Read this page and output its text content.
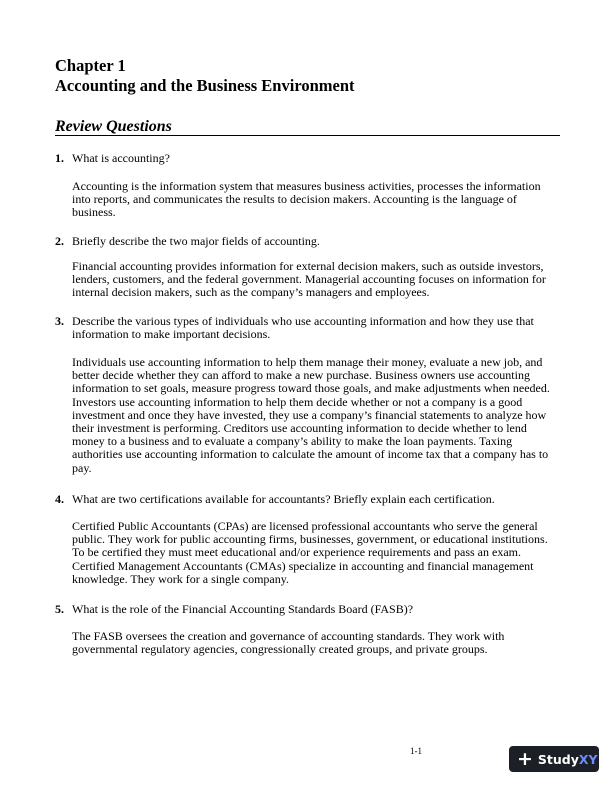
Chapter 1
Accounting and the Business Environment
Review Questions
1. What is accounting?
Accounting is the information system that measures business activities, processes the information into reports, and communicates the results to decision makers. Accounting is the language of business.
2. Briefly describe the two major fields of accounting.
Financial accounting provides information for external decision makers, such as outside investors, lenders, customers, and the federal government. Managerial accounting focuses on information for internal decision makers, such as the company’s managers and employees.
3. Describe the various types of individuals who use accounting information and how they use that information to make important decisions.
Individuals use accounting information to help them manage their money, evaluate a new job, and better decide whether they can afford to make a new purchase. Business owners use accounting information to set goals, measure progress toward those goals, and make adjustments when needed. Investors use accounting information to help them decide whether or not a company is a good investment and once they have invested, they use a company’s financial statements to analyze how their investment is performing. Creditors use accounting information to decide whether to lend money to a business and to evaluate a company’s ability to make the loan payments. Taxing authorities use accounting information to calculate the amount of income tax that a company has to pay.
4. What are two certifications available for accountants? Briefly explain each certification.
Certified Public Accountants (CPAs) are licensed professional accountants who serve the general public. They work for public accounting firms, businesses, government, or educational institutions. To be certified they must meet educational and/or experience requirements and pass an exam. Certified Management Accountants (CMAs) specialize in accounting and financial management knowledge. They work for a single company.
5. What is the role of the Financial Accounting Standards Board (FASB)?
The FASB oversees the creation and governance of accounting standards. They work with governmental regulatory agencies, congressionally created groups, and private groups.
1-1	+ Study XY
